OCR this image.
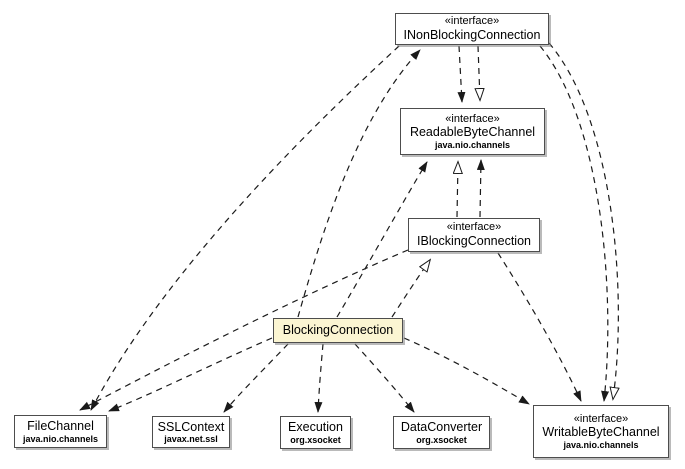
«interface»
INonBlockingConnection
«interface»
ReadableByteChannel
java.nio.channels
«interface»
IBlockingConnection
BlockingConnection
FileChannel
java.nio.channels
SSLContext
javax.net.ssl
Execution
org.xsocket
DataConverter
org.xsocket
«interface»
WritableByteChannel
java.nio.channels
